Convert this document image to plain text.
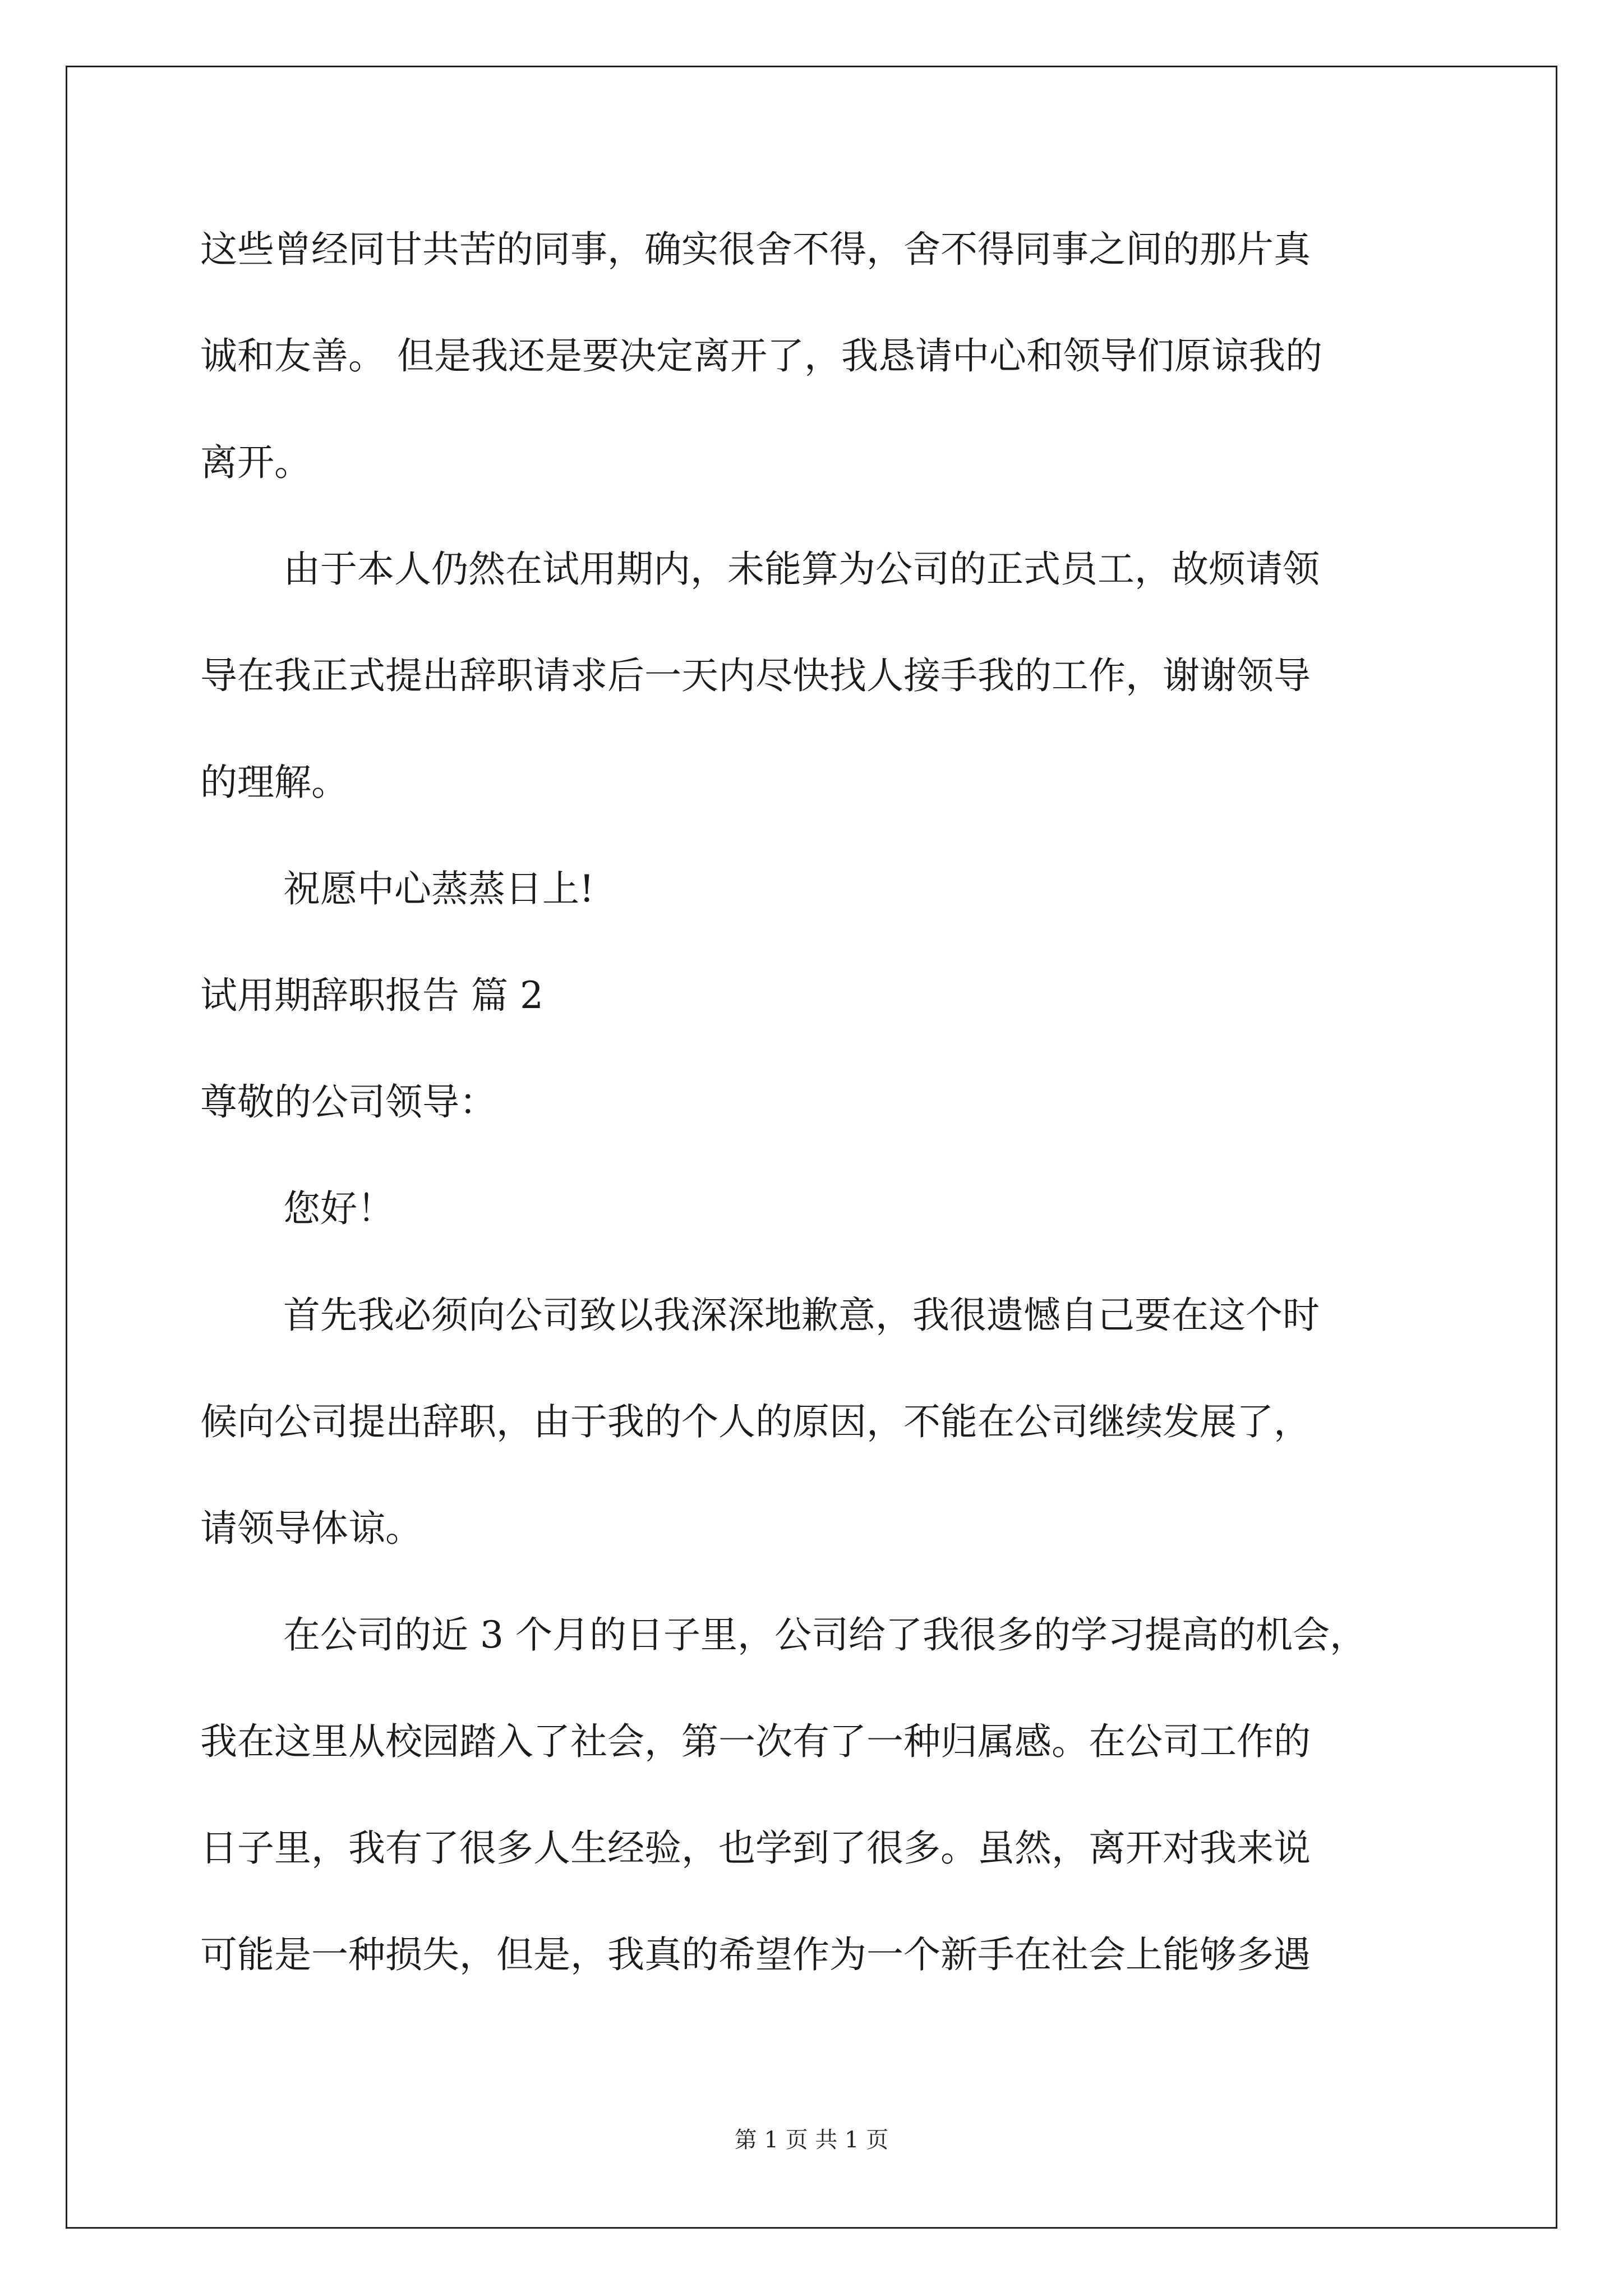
这些曾经同甘共苦的同事，确实很舍不得，舍不得同事之间的那片真
诚和友善。 但是我还是要决定离开了，我恳请中心和领导们原谅我的
离开。
由于本人仍然在试用期内，未能算为公司的正式员工，故烦请领
导在我正式提出辞职请求后一天内尽快找人接手我的工作，谢谢领导
的理解。
祝愿中心蒸蒸日上!
试用期辞职报告 篇 2
尊敬的公司领导：
您好！
首先我必须向公司致以我深深地歉意，我很遗憾自己要在这个时
候向公司提出辞职，由于我的个人的原因，不能在公司继续发展了，
请领导体谅。
在公司的近 3 个月的日子里，公司给了我很多的学习提高的机会，
我在这里从校园踏入了社会，第一次有了一种归属感。在公司工作的
日子里，我有了很多人生经验，也学到了很多。虽然，离开对我来说
可能是一种损失，但是，我真的希望作为一个新手在社会上能够多遇
第 1 页 共 1 页
